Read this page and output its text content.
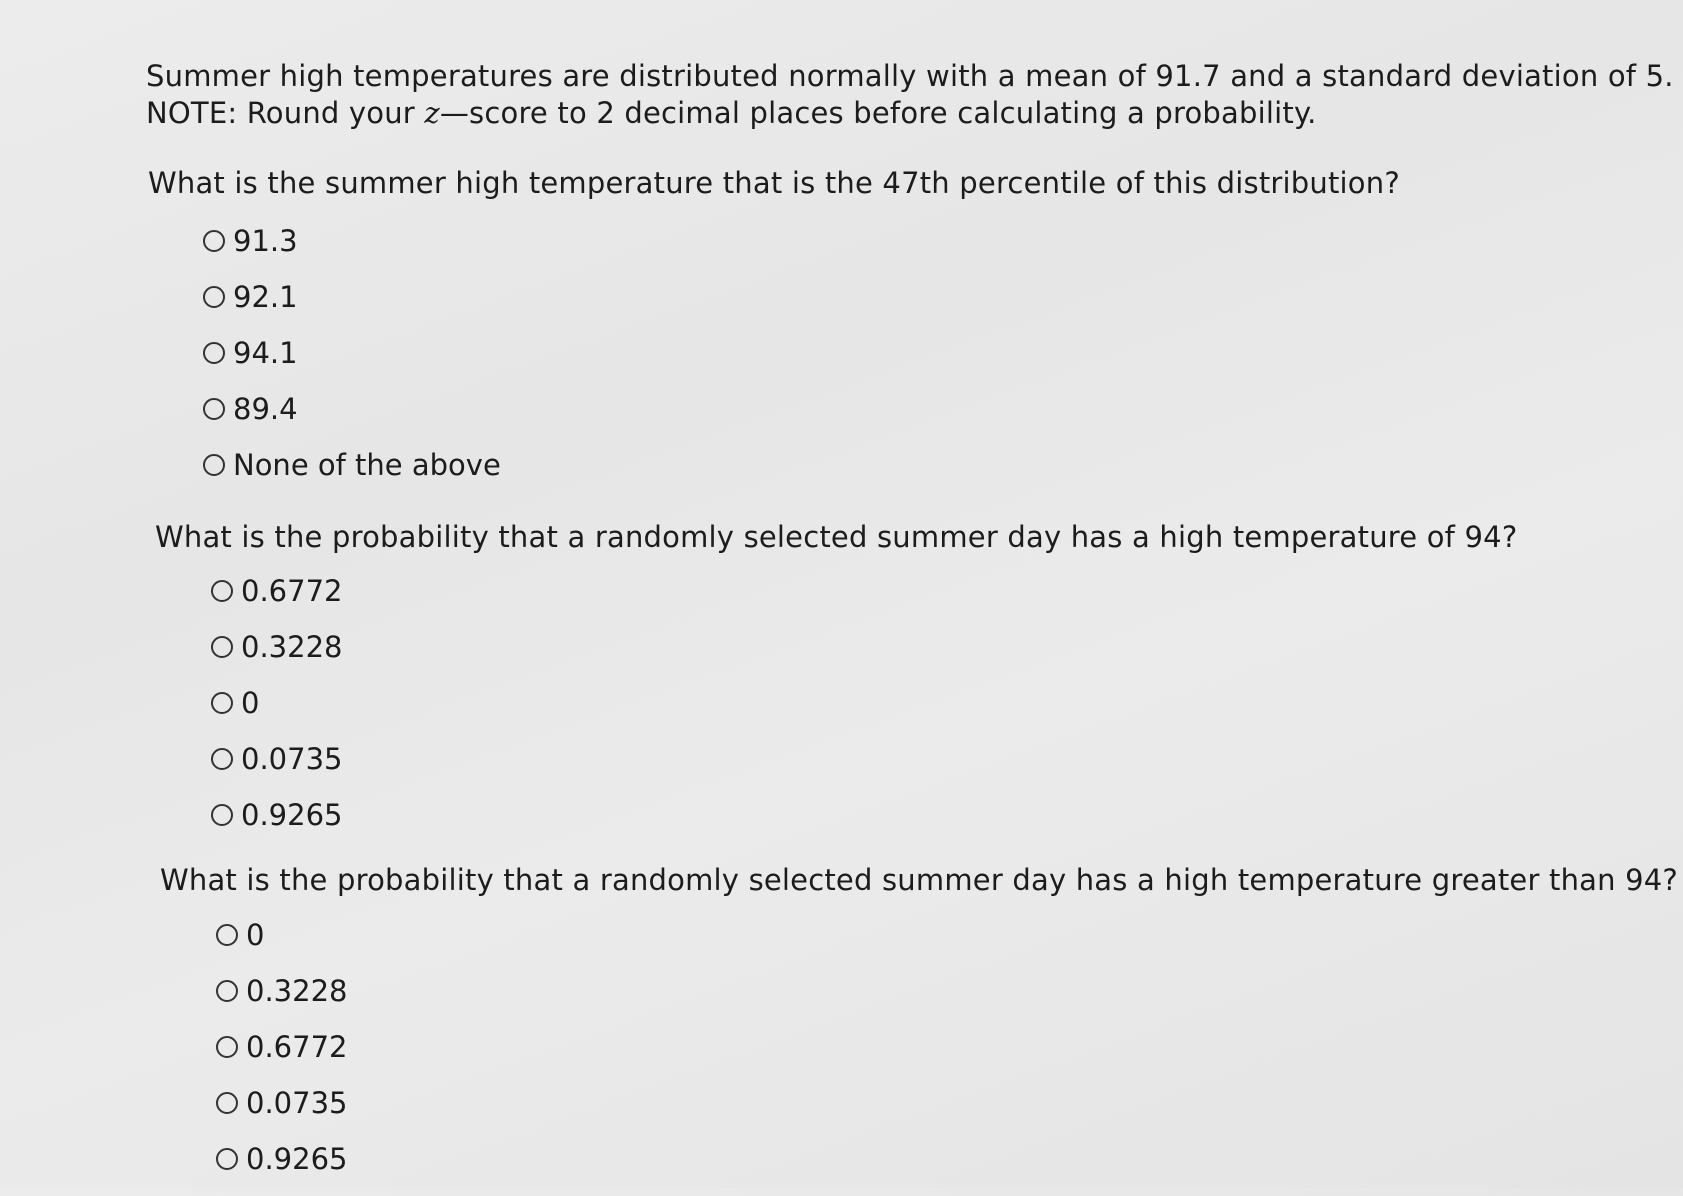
Summer high temperatures are distributed normally with a mean of 91.7 and a standard deviation of 5.
NOTE: Round your z—score to 2 decimal places before calculating a probability.
What is the summer high temperature that is the 47th percentile of this distribution?
91.3
92.1
94.1
89.4
None of the above
What is the probability that a randomly selected summer day has a high temperature of 94?
0.6772
0.3228
0
0.0735
0.9265
What is the probability that a randomly selected summer day has a high temperature greater than 94?
0
0.3228
0.6772
0.0735
0.9265
